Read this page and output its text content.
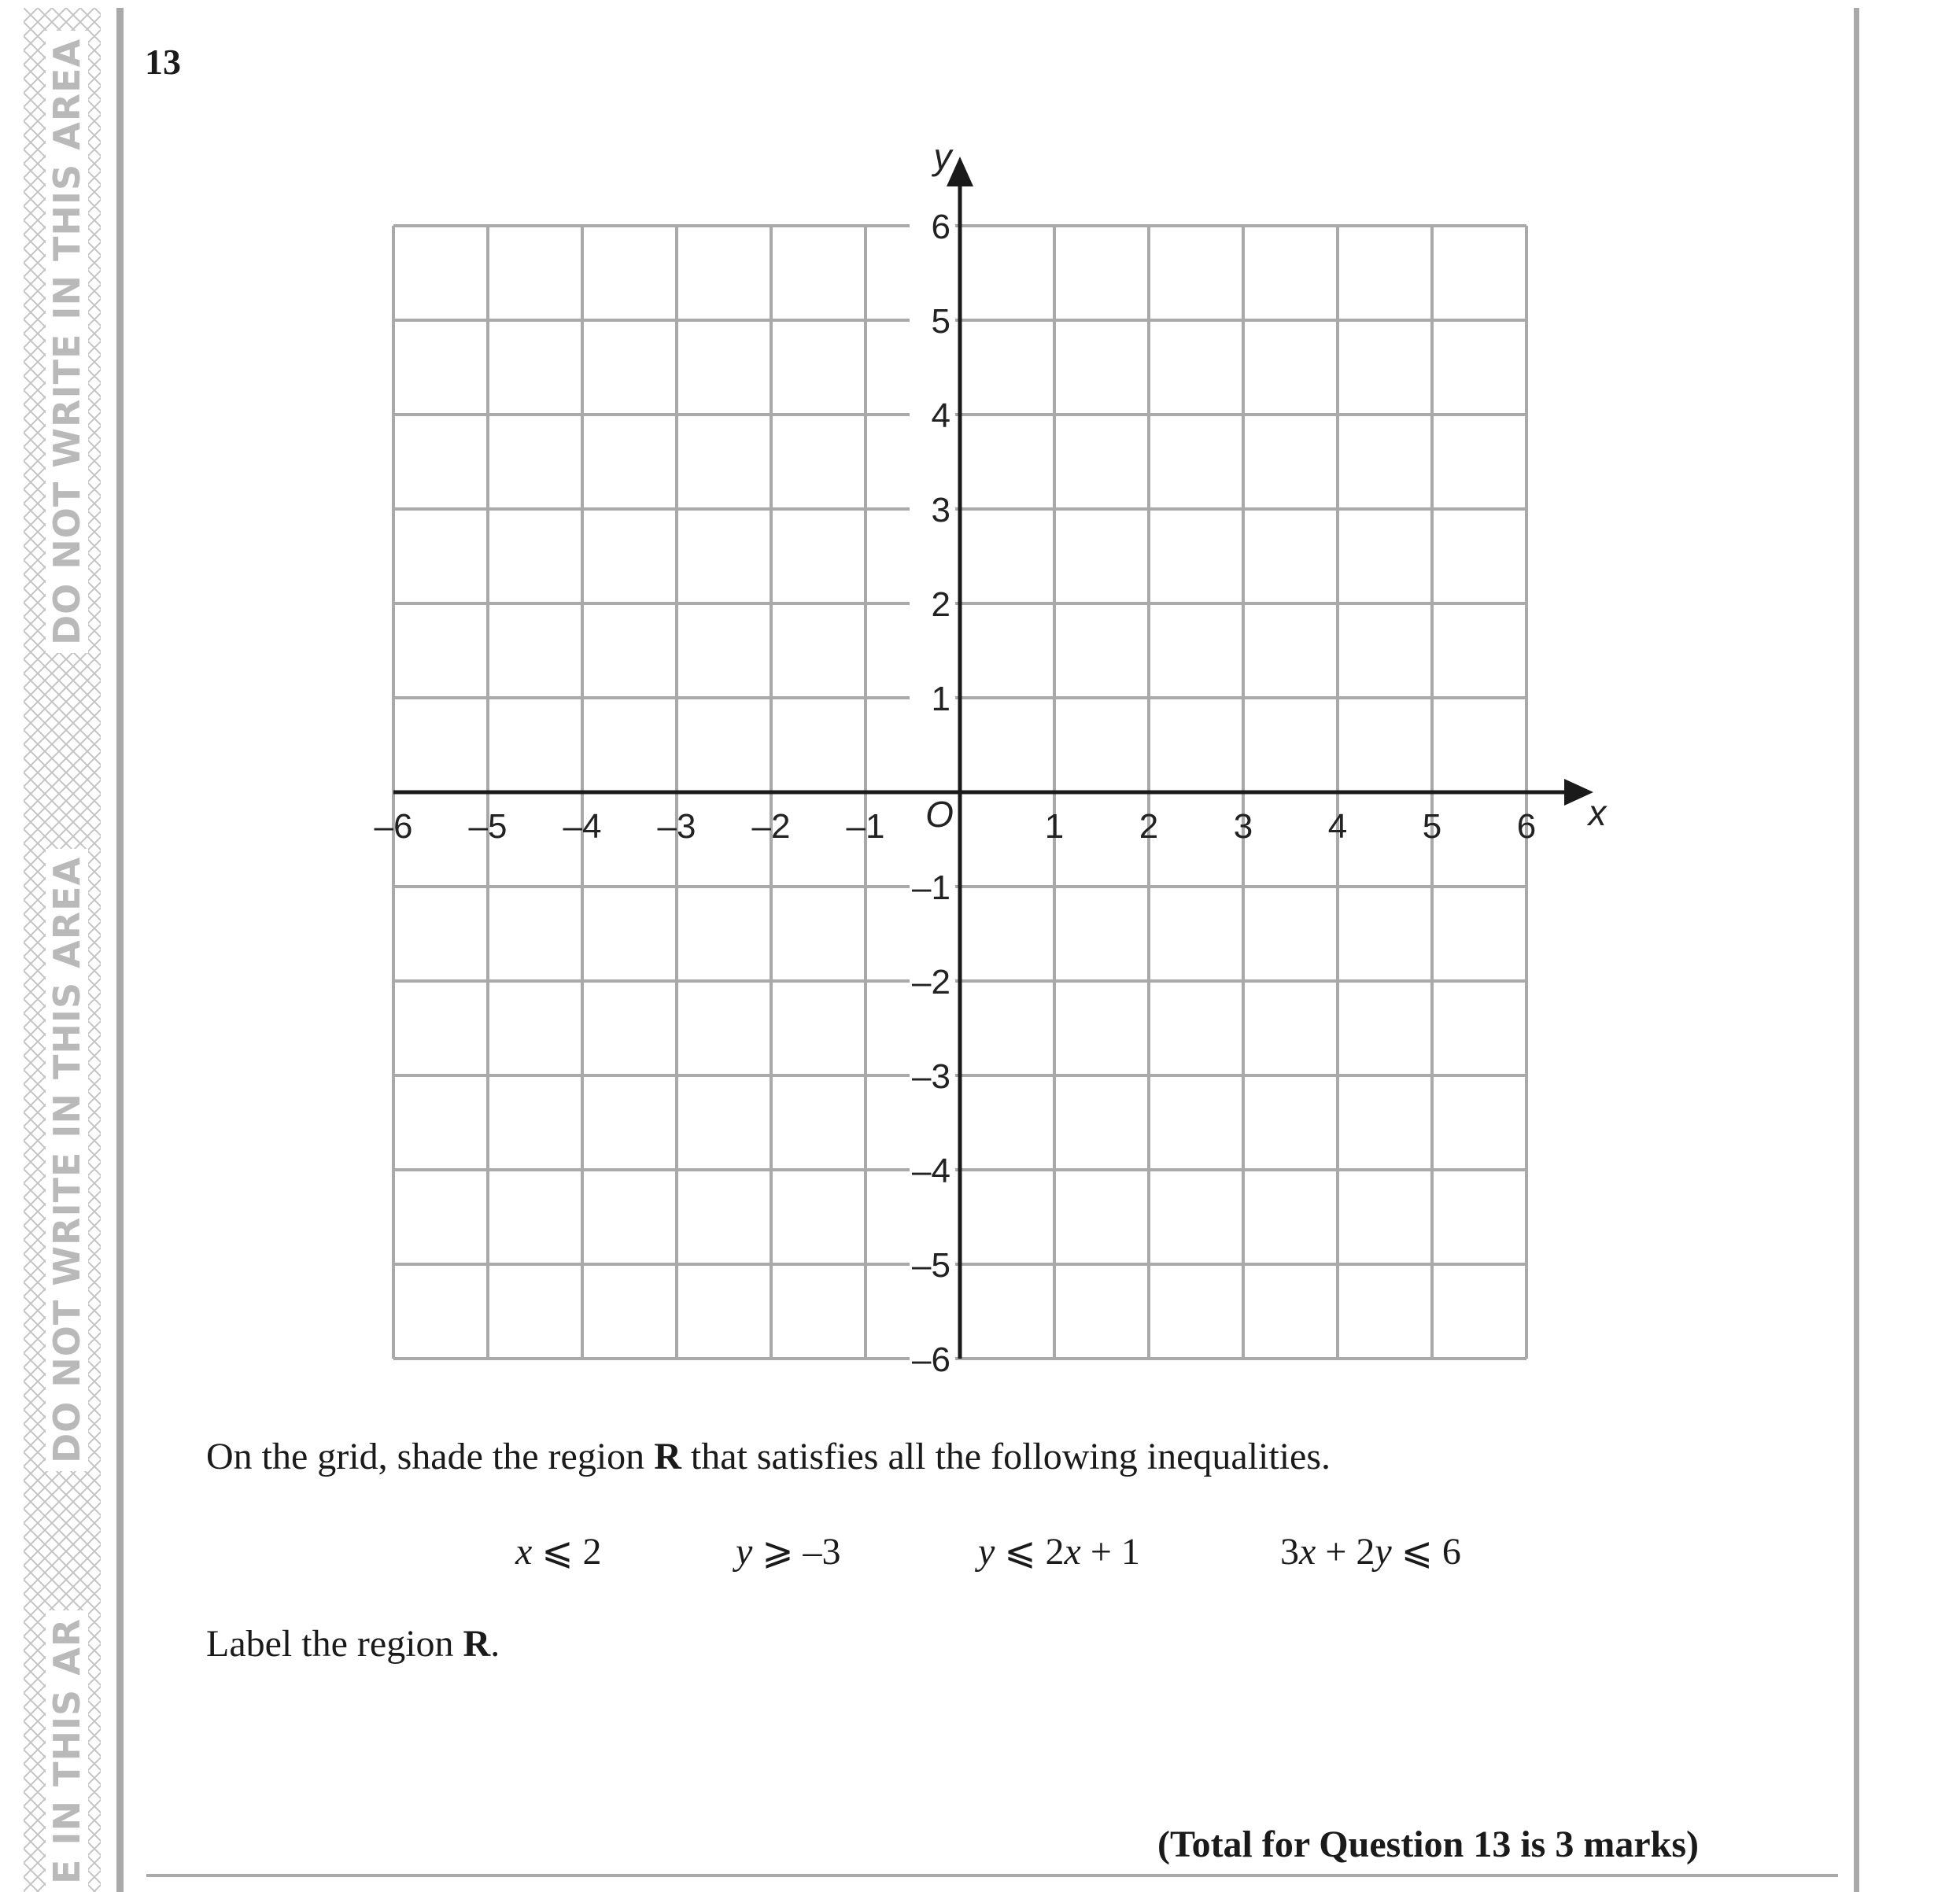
DO NOT WRITE IN THIS AREA
DO NOT WRITE IN THIS AREA
E IN THIS AR
13
x
y
O
–6 –5 –4 –3 –2 –1	1 2 3 4 5 6
6
5
4
3
2
1
–1
–2
–3
–4
–5
–6
On the grid, shade the region R that satisfies all the following inequalities.
x ⩽ 2	y ⩾ –3	y ⩽ 2x + 1	3x + 2y ⩽ 6
Label the region R.
(Total for Question 13 is 3 marks)
